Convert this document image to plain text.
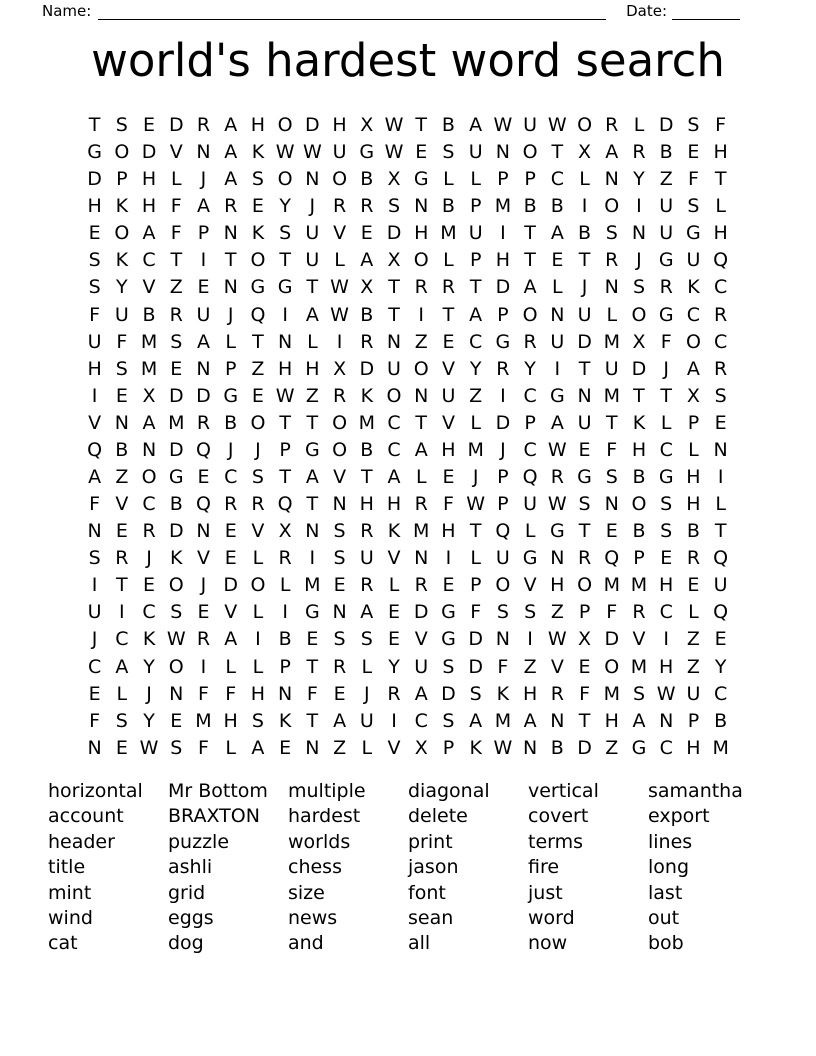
Name:	Date:
world's hardest word search
T S E D R A H O D H X W T B A W U W O R L D S F
G O D V N A K W W U G W E S U N O T X A R B E H
D P H L	J A S O N O B X G L L P P C L N Y Z F T
H K H F A R E Y J R R S N B P M B B I O I U S L
E O A F P N K S U V E D H M U I T A B S N U G H
S K C T I T O T U L A X O L P H T E T R J G U Q
S Y V Z E N G G T W X T R R T D A L	J N S R K C
F U B R U J Q I A W B T I T A P O N U L O G C R
U F M S A L T N L	I R N Z E C G R U D M X F O C
H S M E N P Z H H X D U O V Y R Y I T U D J A R
I E X D D G E W Z R K O N U Z I C G N M T T X S
V N A M R B O T T O M C T V L D P A U T K L P E
Q B N D Q J	J P G O B C A H M J C W E F H C L N
A Z O G E C S T A V T A L E J P Q R G S B G H I
F V C B Q R R Q T N H H R F W P U W S N O S H L
N E R D N E V X N S R K M H T Q L G T E B S B T
S R J K V E L R I S U V N I	L U G N R Q P E R Q
I T E O J D O L M E R L R E P O V H O M M H E U
U I C S E V L	I G N A E D G F S S Z P F R C L Q
J C K W R A I B E S S E V G D N I W X D V I Z E
C A Y O I	L L P T R L Y U S D F Z V E O M H Z Y
E L	J N F F H N F E J R A D S K H R F M S W U C
F S Y E M H S K T A U I C S A M A N T H A N P B
N E W S F L A E N Z L V X P K W N B D Z G C H M
horizontal
account
header
title
mint
wind
cat
Mr Bottom
BRAXTON
puzzle
ashli
grid
eggs
dog
multiple
hardest
worlds
chess
size
news
and
diagonal
delete
print
jason
font
sean
all
vertical
covert
terms
fire
just
word
now
samantha
export
lines
long
last
out
bob
